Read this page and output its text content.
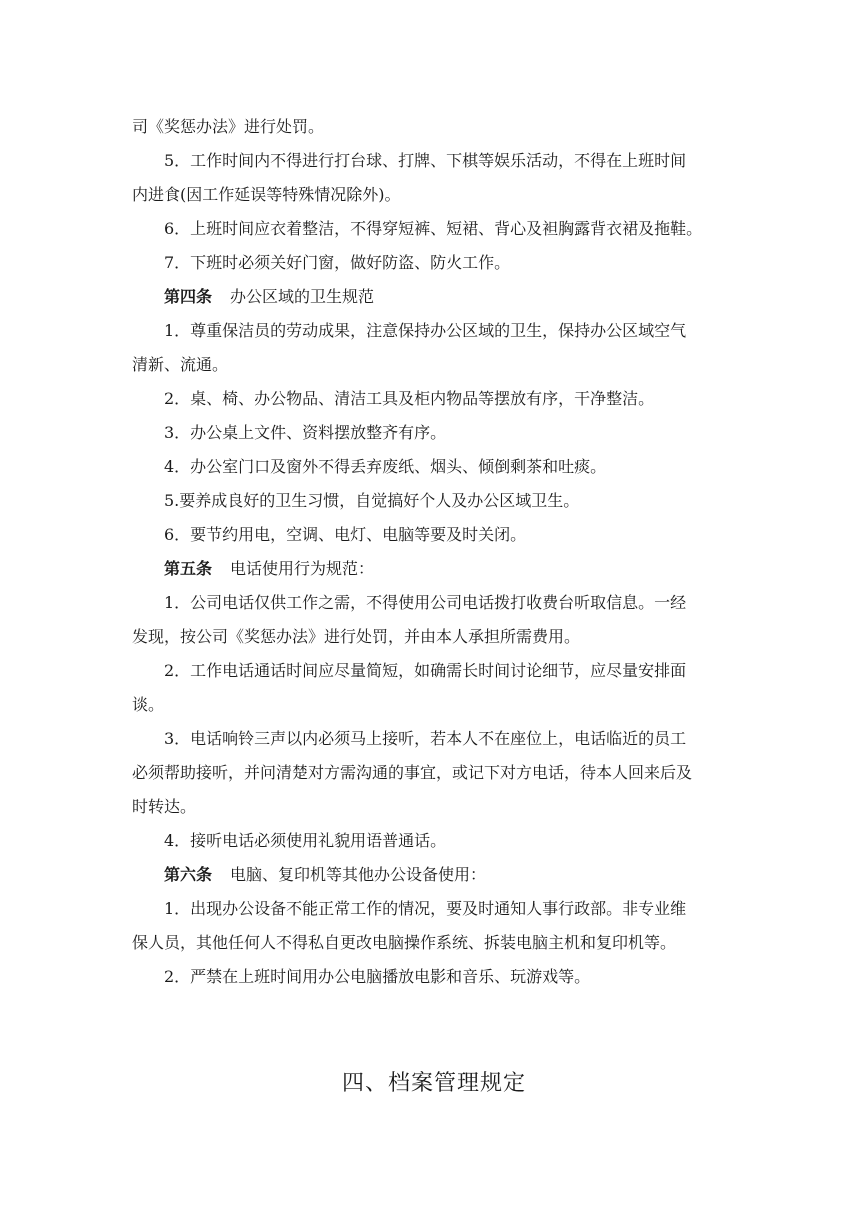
司《奖惩办法》进行处罚。

5．工作时间内不得进行打台球、打牌、下棋等娱乐活动，不得在上班时间

内进食(因工作延误等特殊情况除外)。

6．上班时间应衣着整洁，不得穿短裤、短裙、背心及袒胸露背衣裙及拖鞋。

7．下班时必须关好门窗，做好防盗、防火工作。

第四条 办公区域的卫生规范

1．尊重保洁员的劳动成果，注意保持办公区域的卫生，保持办公区域空气

清新、流通。

2．桌、椅、办公物品、清洁工具及柜内物品等摆放有序，干净整洁。

3．办公桌上文件、资料摆放整齐有序。

4．办公室门口及窗外不得丢弃废纸、烟头、倾倒剩茶和吐痰。

5.要养成良好的卫生习惯，自觉搞好个人及办公区域卫生。

6．要节约用电，空调、电灯、电脑等要及时关闭。

第五条 电话使用行为规范：

1．公司电话仅供工作之需，不得使用公司电话拨打收费台听取信息。一经

发现，按公司《奖惩办法》进行处罚，并由本人承担所需费用。

2．工作电话通话时间应尽量简短，如确需长时间讨论细节，应尽量安排面

谈。

3．电话响铃三声以内必须马上接听，若本人不在座位上，电话临近的员工

必须帮助接听，并问清楚对方需沟通的事宜，或记下对方电话，待本人回来后及

时转达。

4．接听电话必须使用礼貌用语普通话。

第六条 电脑、复印机等其他办公设备使用：

1．出现办公设备不能正常工作的情况，要及时通知人事行政部。非专业维

保人员，其他任何人不得私自更改电脑操作系统、拆装电脑主机和复印机等。

2．严禁在上班时间用办公电脑播放电影和音乐、玩游戏等。

四、档案管理规定
